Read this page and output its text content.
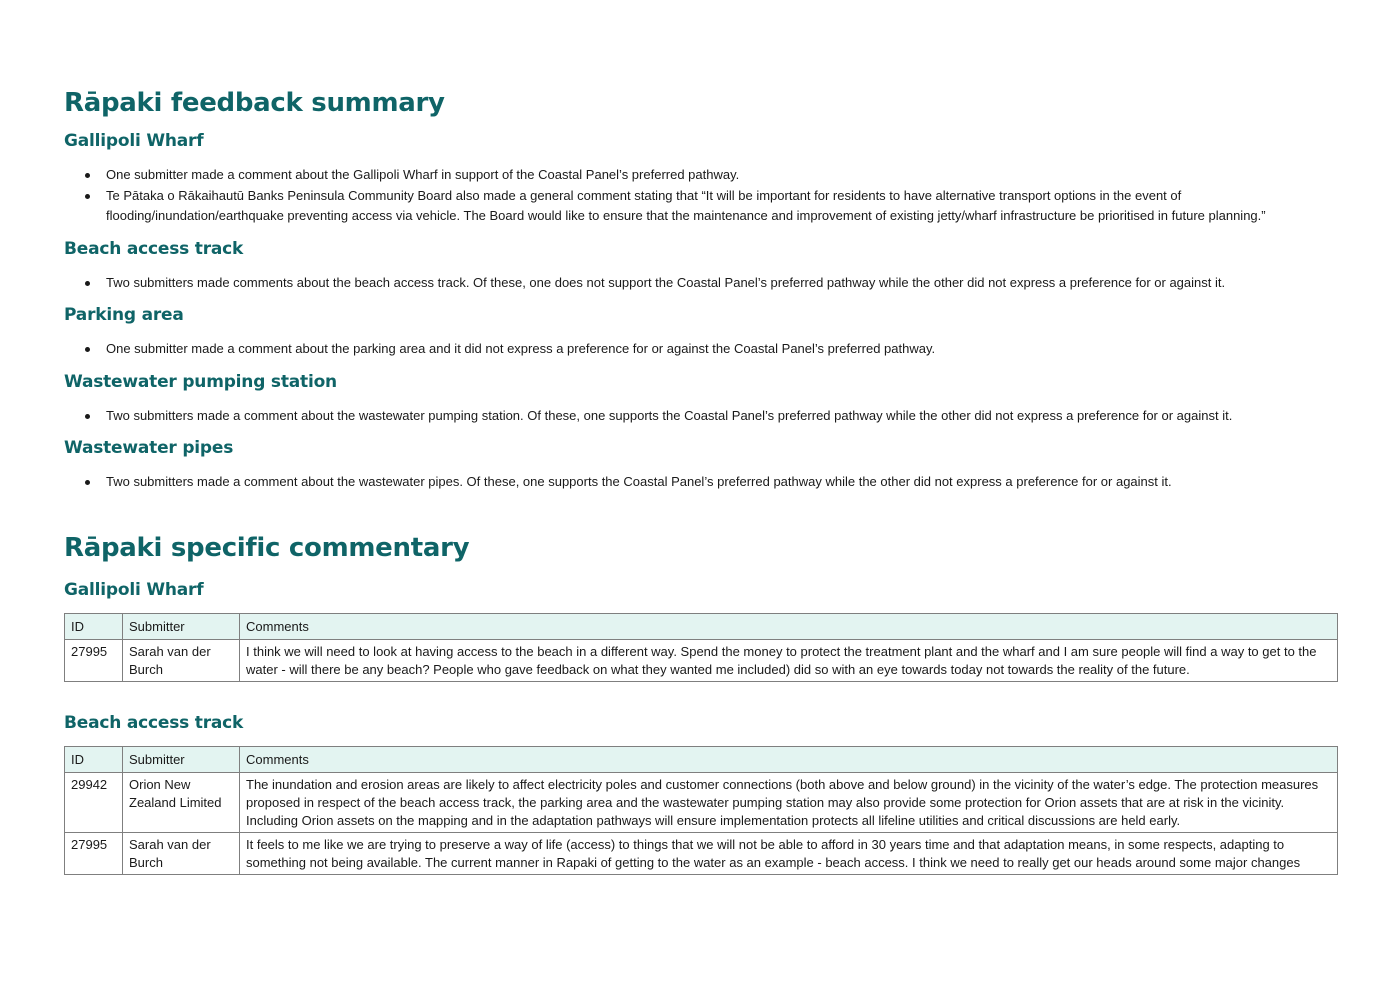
Rāpaki feedback summary
Gallipoli Wharf
One submitter made a comment about the Gallipoli Wharf in support of the Coastal Panel’s preferred pathway.
Te Pātaka o Rākaihautū Banks Peninsula Community Board also made a general comment stating that “It will be important for residents to have alternative transport options in the event of flooding/inundation/earthquake preventing access via vehicle. The Board would like to ensure that the maintenance and improvement of existing jetty/wharf infrastructure be prioritised in future planning.”
Beach access track
Two submitters made comments about the beach access track. Of these, one does not support the Coastal Panel’s preferred pathway while the other did not express a preference for or against it.
Parking area
One submitter made a comment about the parking area and it did not express a preference for or against the Coastal Panel’s preferred pathway.
Wastewater pumping station
Two submitters made a comment about the wastewater pumping station. Of these, one supports the Coastal Panel’s preferred pathway while the other did not express a preference for or against it.
Wastewater pipes
Two submitters made a comment about the wastewater pipes. Of these, one supports the Coastal Panel’s preferred pathway while the other did not express a preference for or against it.
Rāpaki specific commentary
Gallipoli Wharf
ID	Submitter	Comments
27995	Sarah van der Burch	I think we will need to look at having access to the beach in a different way. Spend the money to protect the treatment plant and the wharf and I am sure people will find a way to get to the water - will there be any beach? People who gave feedback on what they wanted me included) did so with an eye towards today not towards the reality of the future.
Beach access track
ID	Submitter	Comments
29942	Orion New Zealand Limited	The inundation and erosion areas are likely to affect electricity poles and customer connections (both above and below ground) in the vicinity of the water’s edge. The protection measures proposed in respect of the beach access track, the parking area and the wastewater pumping station may also provide some protection for Orion assets that are at risk in the vicinity. Including Orion assets on the mapping and in the adaptation pathways will ensure implementation protects all lifeline utilities and critical discussions are held early.
27995	Sarah van der Burch	It feels to me like we are trying to preserve a way of life (access) to things that we will not be able to afford in 30 years time and that adaptation means, in some respects, adapting to something not being available. The current manner in Rapaki of getting to the water as an example - beach access. I think we need to really get our heads around some major changes
